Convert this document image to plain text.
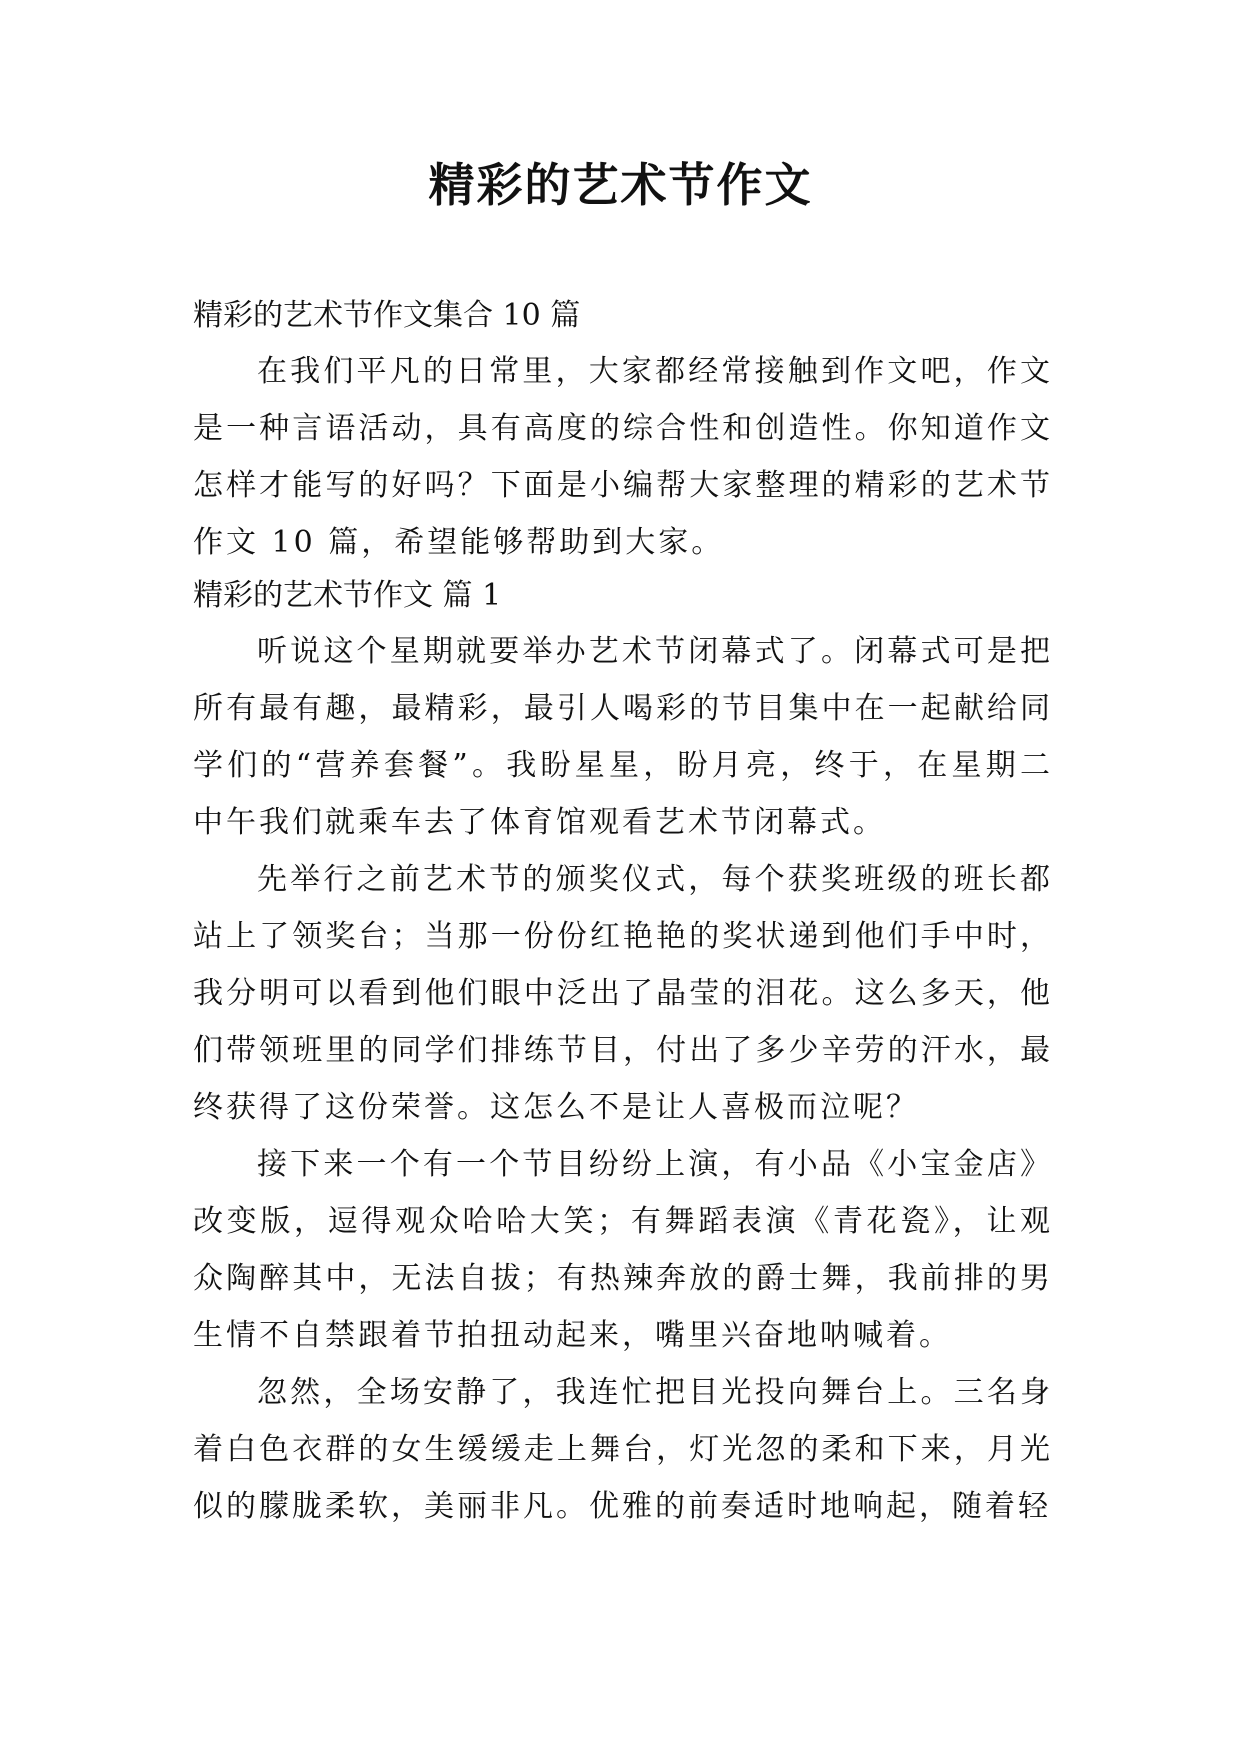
精彩的艺术节作文

精彩的艺术节作文集合 10 篇

在我们平凡的日常里，大家都经常接触到作文吧，作文是一种言语活动，具有高度的综合性和创造性。你知道作文怎样才能写的好吗？下面是小编帮大家整理的精彩的艺术节作文 10 篇，希望能够帮助到大家。

精彩的艺术节作文 篇 1

听说这个星期就要举办艺术节闭幕式了。闭幕式可是把所有最有趣，最精彩，最引人喝彩的节目集中在一起献给同学们的“营养套餐”。我盼星星，盼月亮，终于，在星期二中午我们就乘车去了体育馆观看艺术节闭幕式。

先举行之前艺术节的颁奖仪式，每个获奖班级的班长都站上了领奖台；当那一份份红艳艳的奖状递到他们手中时，我分明可以看到他们眼中泛出了晶莹的泪花。这么多天，他们带领班里的同学们排练节目，付出了多少辛劳的汗水，最终获得了这份荣誉。这怎么不是让人喜极而泣呢？

接下来一个有一个节目纷纷上演，有小品《小宝金店》改变版，逗得观众哈哈大笑；有舞蹈表演《青花瓷》，让观众陶醉其中，无法自拔；有热辣奔放的爵士舞，我前排的男生情不自禁跟着节拍扭动起来，嘴里兴奋地呐喊着。

忽然，全场安静了，我连忙把目光投向舞台上。三名身着白色衣群的女生缓缓走上舞台，灯光忽的柔和下来，月光似的朦胧柔软，美丽非凡。优雅的前奏适时地响起，随着轻
